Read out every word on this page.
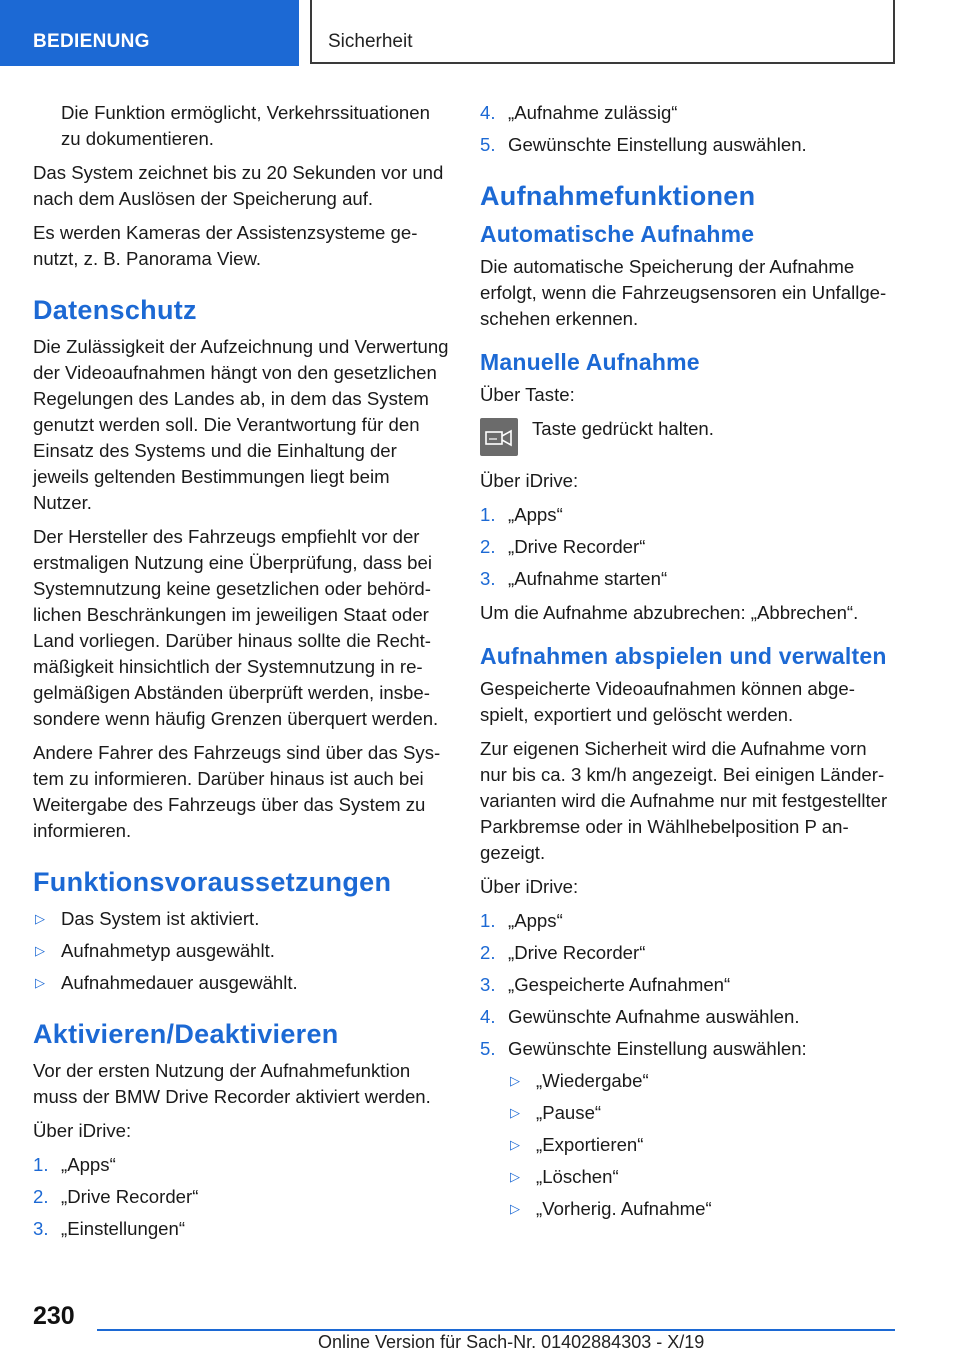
BEDIENUNG	Sicherheit

Die Funktion ermöglicht, Verkehrssituationen zu dokumentieren.

Das System zeichnet bis zu 20 Sekunden vor und nach dem Auslösen der Speicherung auf.

Es werden Kameras der Assistenzsysteme genutzt, z. B. Panorama View.

Datenschutz

Die Zulässigkeit der Aufzeichnung und Verwertung der Videoaufnahmen hängt von den gesetzlichen Regelungen des Landes ab, in dem das System genutzt werden soll. Die Verantwortung für den Einsatz des Systems und die Einhaltung der jeweils geltenden Bestimmungen liegt beim Nutzer.

Der Hersteller des Fahrzeugs empfiehlt vor der erstmaligen Nutzung eine Überprüfung, dass bei Systemnutzung keine gesetzlichen oder behördlichen Beschränkungen im jeweiligen Staat oder Land vorliegen. Darüber hinaus sollte die Rechtmäßigkeit hinsichtlich der Systemnutzung in regelmäßigen Abständen überprüft werden, insbesondere wenn häufig Grenzen überquert werden.

Andere Fahrer des Fahrzeugs sind über das System zu informieren. Darüber hinaus ist auch bei Weitergabe des Fahrzeugs über das System zu informieren.

Funktionsvoraussetzungen
▷ Das System ist aktiviert.
▷ Aufnahmetyp ausgewählt.
▷ Aufnahmedauer ausgewählt.
Aktivieren/Deaktivieren

Vor der ersten Nutzung der Aufnahmefunktion muss der BMW Drive Recorder aktiviert werden.

Über iDrive:

1. „Apps“
2. „Drive Recorder“
3. „Einstellungen“
4. „Aufnahme zulässig“
5. Gewünschte Einstellung auswählen.
Aufnahmefunktionen
Automatische Aufnahme

Die automatische Speicherung der Aufnahme erfolgt, wenn die Fahrzeugsensoren ein Unfallgeschehen erkennen.

Manuelle Aufnahme

Über Taste:

Taste gedrückt halten.

Über iDrive:

1. „Apps“
2. „Drive Recorder“
3. „Aufnahme starten“

Um die Aufnahme abzubrechen: „Abbrechen“.

Aufnahmen abspielen und verwalten

Gespeicherte Videoaufnahmen können abgespielt, exportiert und gelöscht werden.

Zur eigenen Sicherheit wird die Aufnahme vorn nur bis ca. 3 km/h angezeigt. Bei einigen Ländervarianten wird die Aufnahme nur mit festgestellter Parkbremse oder in Wählhebelposition P angezeigt.

Über iDrive:

1. „Apps“
2. „Drive Recorder“
3. „Gespeicherte Aufnahmen“
4. Gewünschte Aufnahme auswählen.
5. Gewünschte Einstellung auswählen:
▷ „Wiedergabe“
▷ „Pause“
▷ „Exportieren“
▷ „Löschen“
▷ „Vorherig. Aufnahme“
230
Online Version für Sach-Nr. 01402884303 - X/19
